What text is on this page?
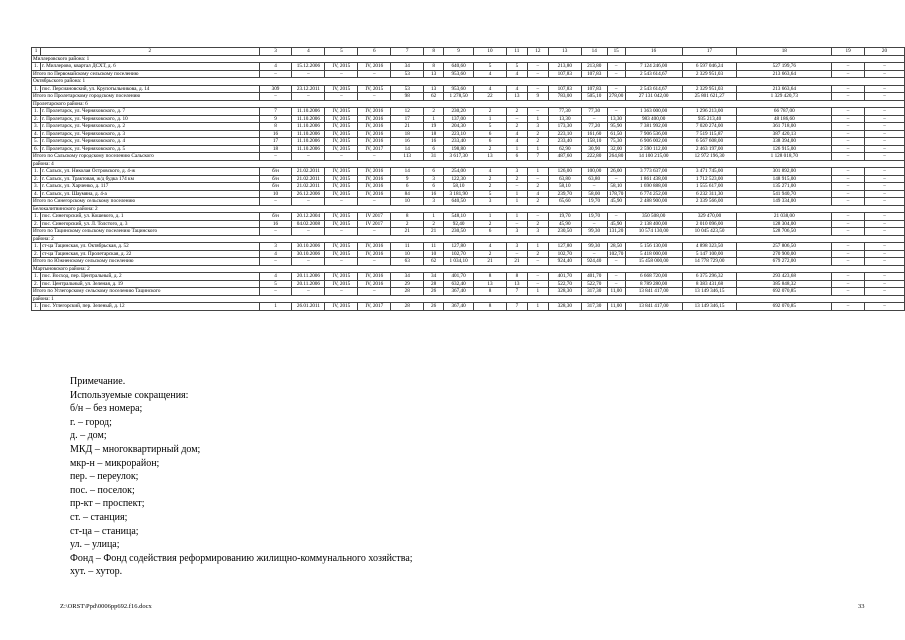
1	2	3	4	5	6	7	8	9	10	11	12	13	14	15	16	17	18	19	20
Миллеровского района: 1																			
1.	г. Миллерово, квартал ДСХТ, д. 6	4	15.12.2006	IV, 2015	IV, 2016	34	8	640,60	5	5	–	213,80	213,80	–	7 124 246,00	6 597 046,24	527 199,76	–	–
Итого по Первомайскому сельскому поселению		–	–	–	–	53	13	953,60	4	4	–	107,83	107,83	–	2 543 614,67	2 329 951,03	213 663,64	–	–
Октябрьского района: 1																			
1.	пос. Персиановский, ул. Крупотыльникова, д. 14	309	23.12.2011	IV, 2015	IV, 2015	53	13	953,60	4	4	–	107,83	107,83	–	2 543 614,67	2 329 951,03	213 663,64	–	–
Итого по Пролетарскому городскому поселению		–	–	–	–	98	62	1 278,50	22	13	9	783,00	505,10	278,00	27 131 042,00	25 801 621,27	1 329 420,73	–	–
Пролетарского района: 6																			
1.	г. Пролетарск, ул. Черняховского, д. 7	7	11.10.2006	IV, 2015	IV, 2016	12	2	230,20	2	2	–	77,30	77,30	–	1 363 000,00	1 296 213,00	66 787,00	–	–
2.	г. Пролетарск, ул. Черняховского, д. 10	9	11.10.2006	IV, 2015	IV, 2016	17	1	137,00	1	–	1	13,30	–	13,30	983 400,00	935 213,40	48 186,60	–	–
3.	г. Пролетарск, ул. Черняховского, д. 2	8	11.10.2006	IV, 2015	IV, 2016	21	19	204,30	5	2	3	173,30	77,20	95,90	7 381 992,00	7 020 274,00	361 718,00	–	–
4.	г. Пролетарск, ул. Черняховского, д. 3	16	11.10.2006	IV, 2015	IV, 2016	18	18	223,10	6	4	2	223,10	161,60	61,50	7 906 536,00	7 519 115,87	387 420,13	–	–
5.	г. Пролетарск, ул. Черняховского, д. 4	17	11.10.2006	IV, 2015	IV, 2016	16	16	233,40	6	4	2	233,40	158,10	75,30	6 906 002,00	6 567 608,00	338 394,00	–	–
6.	г. Пролетарск, ул. Черняховского, д. 5	18	11.10.2006	IV, 2015	IV, 2017	14	6	198,80	2	1	1	62,90	30,90	32,00	2 590 112,00	2 463 197,00	126 915,00	–	–
Итого по Сальскому городскому поселению Сальского		–	–	–	–	113	31	3 617,30	13	6	7	487,60	222,80	264,80	14 100 215,00	12 972 196,30	1 128 018,70	–	–
района: 4																			
1.	г. Сальск, ул. Николая Островского, д. 4-ж	б/н	21.02.2011	IV, 2015	IV, 2016	14	6	254,00	4	3	1	126,00	100,00	26,00	3 773 637,00	3 471 745,00	301 892,00	–	–
2.	г. Сальск, ул. Трактовая, ж/д будка 174 км	б/н	21.02.2011	IV, 2015	IV, 2016	9	3	122,30	2	2	–	63,80	63,80	–	1 861 438,00	1 712 523,00	148 915,00	–	–
3.	г. Сальск, ул. Харченко, д. 117	б/н	21.02.2011	IV, 2015	IV, 2016	6	6	58,10	2	–	2	58,10	–	58,10	1 690 888,00	1 555 617,00	135 271,00	–	–
4.	г. Сальск, ул. Шаумяна, д. 4-а	10	26.12.2006	IV, 2015	IV, 2016	84	16	3 181,90	5	1	4	239,70	58,00	178,70	6 774 252,00	6 232 311,30	541 940,70	–	–
Итого по Синегорскому сельскому поселению		–	–	–	–	10	3	640,50	3	1	2	65,60	19,70	45,90	2 488 900,00	2 339 566,00	149 334,00	–	–
Белокалитвинского района: 2																			
1.	пос. Синегорский, ул. Кошевого, д. 1	б/н	20.12.2004	IV, 2015	IV 2017	8	1	548,10	1	1	–	19,70	19,70	–	350 508,00	329 470,00	21 038,00	–	–
2.	пос. Синегорский, ул. Л. Толстого, д. 3	16	04.02.2008	IV, 2015	IV 2017	2	2	92,40	2	–	2	45,90	–	45,90	2 138 400,00	2 010 096,00	128 304,00	–	–
Итого по Тацинскому сельскому поселению Тацинского		–	–	–	–	21	21	230,50	6	3	3	230,50	99,30	131,20	10 574 130,00	10 045 423,50	528 706,50	–	–
района: 2																			
1.	ст-ца Тацинская, ул. Октябрьская, д. 52	3	30.10.2006	IV, 2015	IV, 2016	11	11	127,80	4	3	1	127,80	99,30	28,50	5 156 130,00	4 898 323,50	257 806,50	–	–
2.	ст-ца Тацинская, ул. Пролетарская, д. 22	4	30.10.2006	IV, 2015	IV, 2016	10	10	102,70	2	–	2	102,70	–	102,70	5 418 000,00	5 147 100,00	270 900,00	–	–
Итого по Южненскому сельскому поселению		–	–	–	–	63	62	1 034,10	21	21	–	924,40	924,40	–	15 458 000,00	14 778 729,00	679 272,00	–	–
Мартыновского района: 2																			
1.	пос. Восход, пер. Центральный, д. 2	4	20.11.2006	IV, 2015	IV, 2016	34	34	401,70	8	8	–	401,70	401,70	–	6 668 720,00	6 375 296,32	293 423,68	–	–
2.	пос. Центральный, ул. Зеленая, д. 19	5	20.11.2006	IV, 2015	IV, 2016	29	28	632,40	13	13	–	522,70	522,70	–	8 789 280,00	8 383 431,68	385 848,32	–	–
Итого по Углегорскому сельскому поселению Тацинского		–	–	–	–	28	26	367,40	8	7	1	328,30	317,30	11,00	13 841 417,00	13 149 346,15	692 070,85	–	–
района: 1																			
1.	пос. Углегорский, пер. Зеленый, д. 12	1	26.01.2011	IV, 2015	IV, 2017	28	26	367,40	8	7	1	328,30	317,30	11,00	13 841 417,00	13 149 346,15	692 070,85	–	–
Примечание.
Используемые сокращения:
б/н – без номера;
г. – город;
д. – дом;
МКД – многоквартирный дом;
мкр-н – микрорайон;
пер. – переулок;
пос. – поселок;
пр-кт – проспект;
ст. – станция;
ст-ца – станица;
ул. – улица;
Фонд – Фонд содействия реформированию жилищно-коммунального хозяйства;
хут. – хутор.
Z:\ORST\Ppd\0006pp692.f16.docx	33
